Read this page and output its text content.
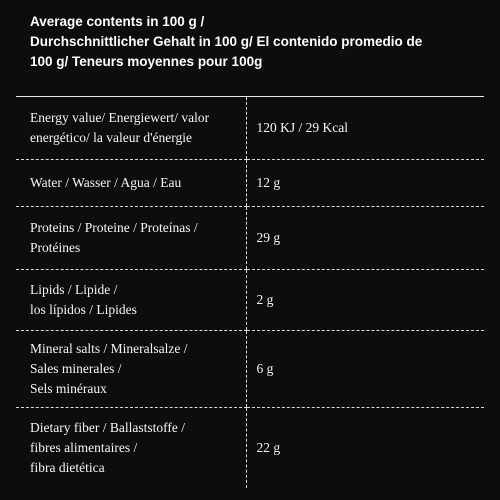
Average contents in 100 g /
Durchschnittlicher Gehalt in 100 g/ El contenido promedio de
100 g/ Teneurs moyennes pour 100g
Energy value/ Energiewert/ valor
energético/ la valeur d'énergie	120 KJ / 29 Kcal

Water / Wasser / Agua / Eau	12 g

Proteins / Proteine / Proteínas /
Protéines	29 g

Lipids / Lipide /
los lípidos / Lipides	2 g

Mineral salts / Mineralsalze /
Sales minerales /
Sels minéraux	6 g

Dietary fiber / Ballaststoffe /
fibres alimentaires /
fibra dietética	22 g
